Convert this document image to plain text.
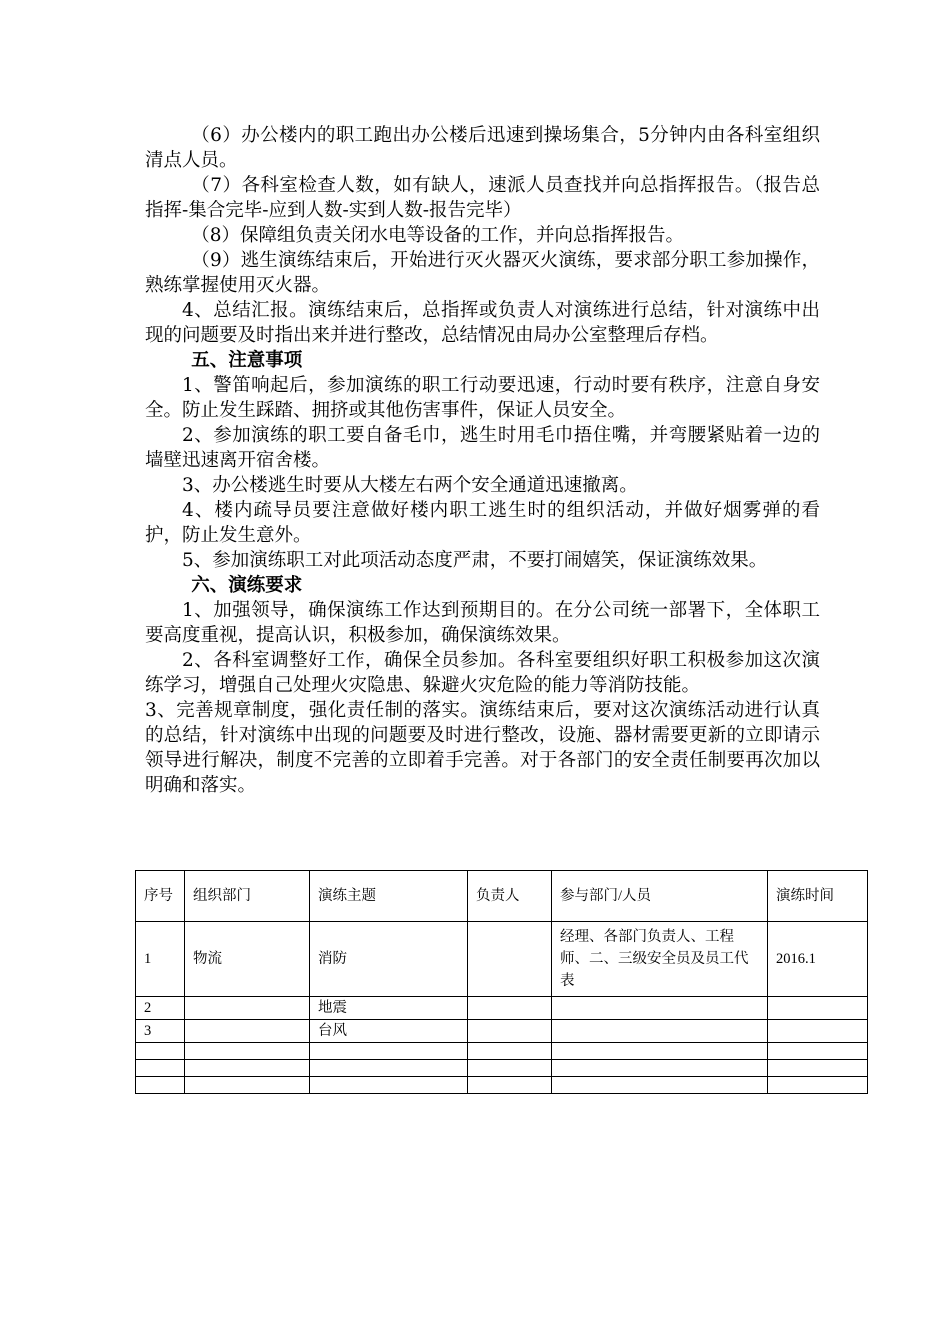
（6）办公楼内的职工跑出办公楼后迅速到操场集合，5分钟内由各科室组织清点人员。

（7）各科室检查人数，如有缺人，速派人员查找并向总指挥报告。（报告总指挥-集合完毕-应到人数-实到人数-报告完毕）

（8）保障组负责关闭水电等设备的工作，并向总指挥报告。

（9）逃生演练结束后，开始进行灭火器灭火演练，要求部分职工参加操作，熟练掌握使用灭火器。

4、总结汇报。演练结束后，总指挥或负责人对演练进行总结，针对演练中出现的问题要及时指出来并进行整改，总结情况由局办公室整理后存档。

五、注意事项

1、警笛响起后，参加演练的职工行动要迅速，行动时要有秩序，注意自身安全。防止发生踩踏、拥挤或其他伤害事件，保证人员安全。

2、参加演练的职工要自备毛巾，逃生时用毛巾捂住嘴，并弯腰紧贴着一边的墙壁迅速离开宿舍楼。

3、办公楼逃生时要从大楼左右两个安全通道迅速撤离。

4、楼内疏导员要注意做好楼内职工逃生时的组织活动，并做好烟雾弹的看护，防止发生意外。

5、参加演练职工对此项活动态度严肃，不要打闹嬉笑，保证演练效果。

六、演练要求

1、加强领导，确保演练工作达到预期目的。在分公司统一部署下，全体职工要高度重视，提高认识，积极参加，确保演练效果。

2、各科室调整好工作，确保全员参加。各科室要组织好职工积极参加这次演练学习，增强自己处理火灾隐患、躲避火灾危险的能力等消防技能。

3、完善规章制度，强化责任制的落实。演练结束后，要对这次演练活动进行认真的总结，针对演练中出现的问题要及时进行整改，设施、器材需要更新的立即请示领导进行解决，制度不完善的立即着手完善。对于各部门的安全责任制要再次加以明确和落实。

序号	组织部门	演练主题	负责人	参与部门/人员	演练时间
1	物流	消防		经理、各部门负责人、工程师、二、三级安全员及员工代表	2016.1
2		地震			
3		台风			
